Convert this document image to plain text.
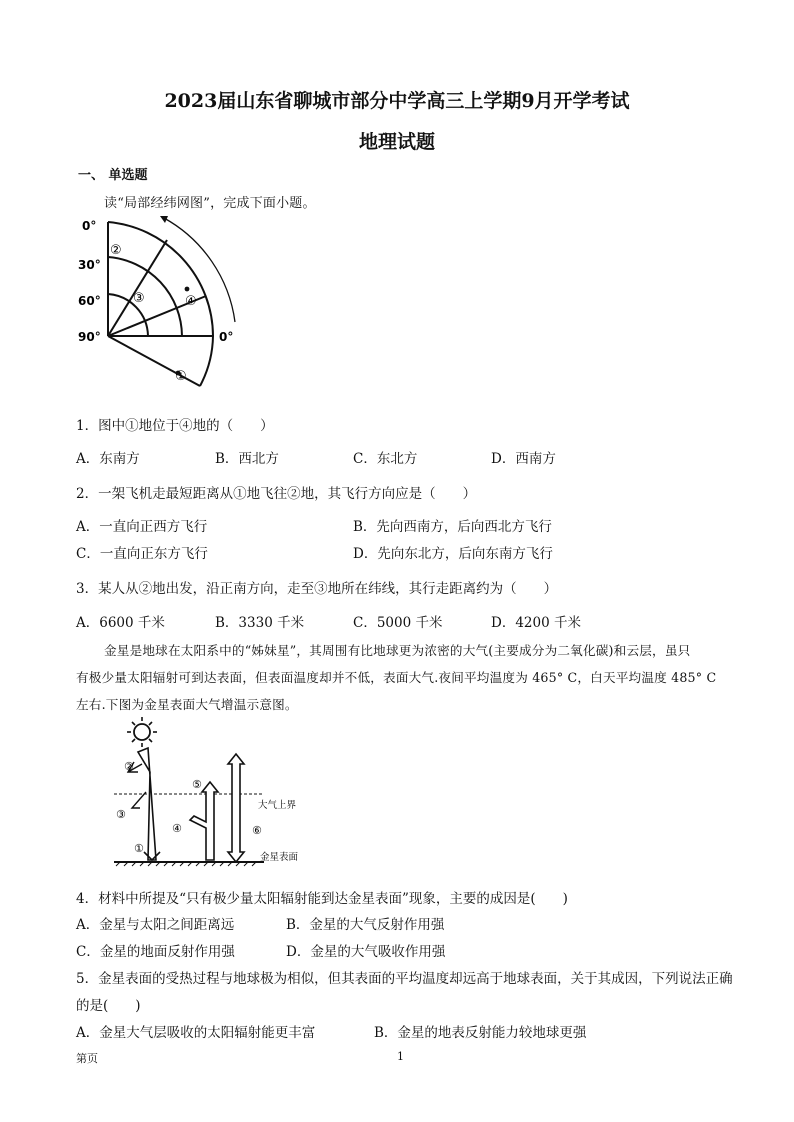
2023届山东省聊城市部分中学高三上学期9月开学考试
地理试题
一、 单选题
读“局部经纬网图”，完成下面小题。
0°
30°
60°
90°	0°
①
②
③	④
1．图中①地位于④地的（　　）
A．东南方	B．西北方	C．东北方	D．西南方
2．一架飞机走最短距离从①地飞往②地，其飞行方向应是（　　）
A．一直向正西方飞行	B．先向西南方，后向西北方飞行
C．一直向正东方飞行	D．先向东北方，后向东南方飞行
3．某人从②地出发，沿正南方向，走至③地所在纬线，其行走距离约为（　　）
A．6600 千米	B．3330 千米	C．5000 千米	D．4200 千米
金星是地球在太阳系中的“姊妹星”，其周围有比地球更为浓密的大气(主要成分为二氧化碳)和云层，虽只
有极少量太阳辐射可到达表面，但表面温度却并不低，表面大气.夜间平均温度为 465° C，白天平均温度 485° C
左右.下图为金星表面大气增温示意图。
②
③
①
④
⑤
⑥
大气上界
金星表面
4．材料中所提及“只有极少量太阳辐射能到达金星表面”现象，主要的成因是(　　)
A．金星与太阳之间距离远	B．金星的大气反射作用强
C．金星的地面反射作用强	D．金星的大气吸收作用强
5．金星表面的受热过程与地球极为相似，但其表面的平均温度却远高于地球表面，关于其成因，下列说法正确
的是(　　)
A．金星大气层吸收的太阳辐射能更丰富	B．金星的地表反射能力较地球更强
第页	1
